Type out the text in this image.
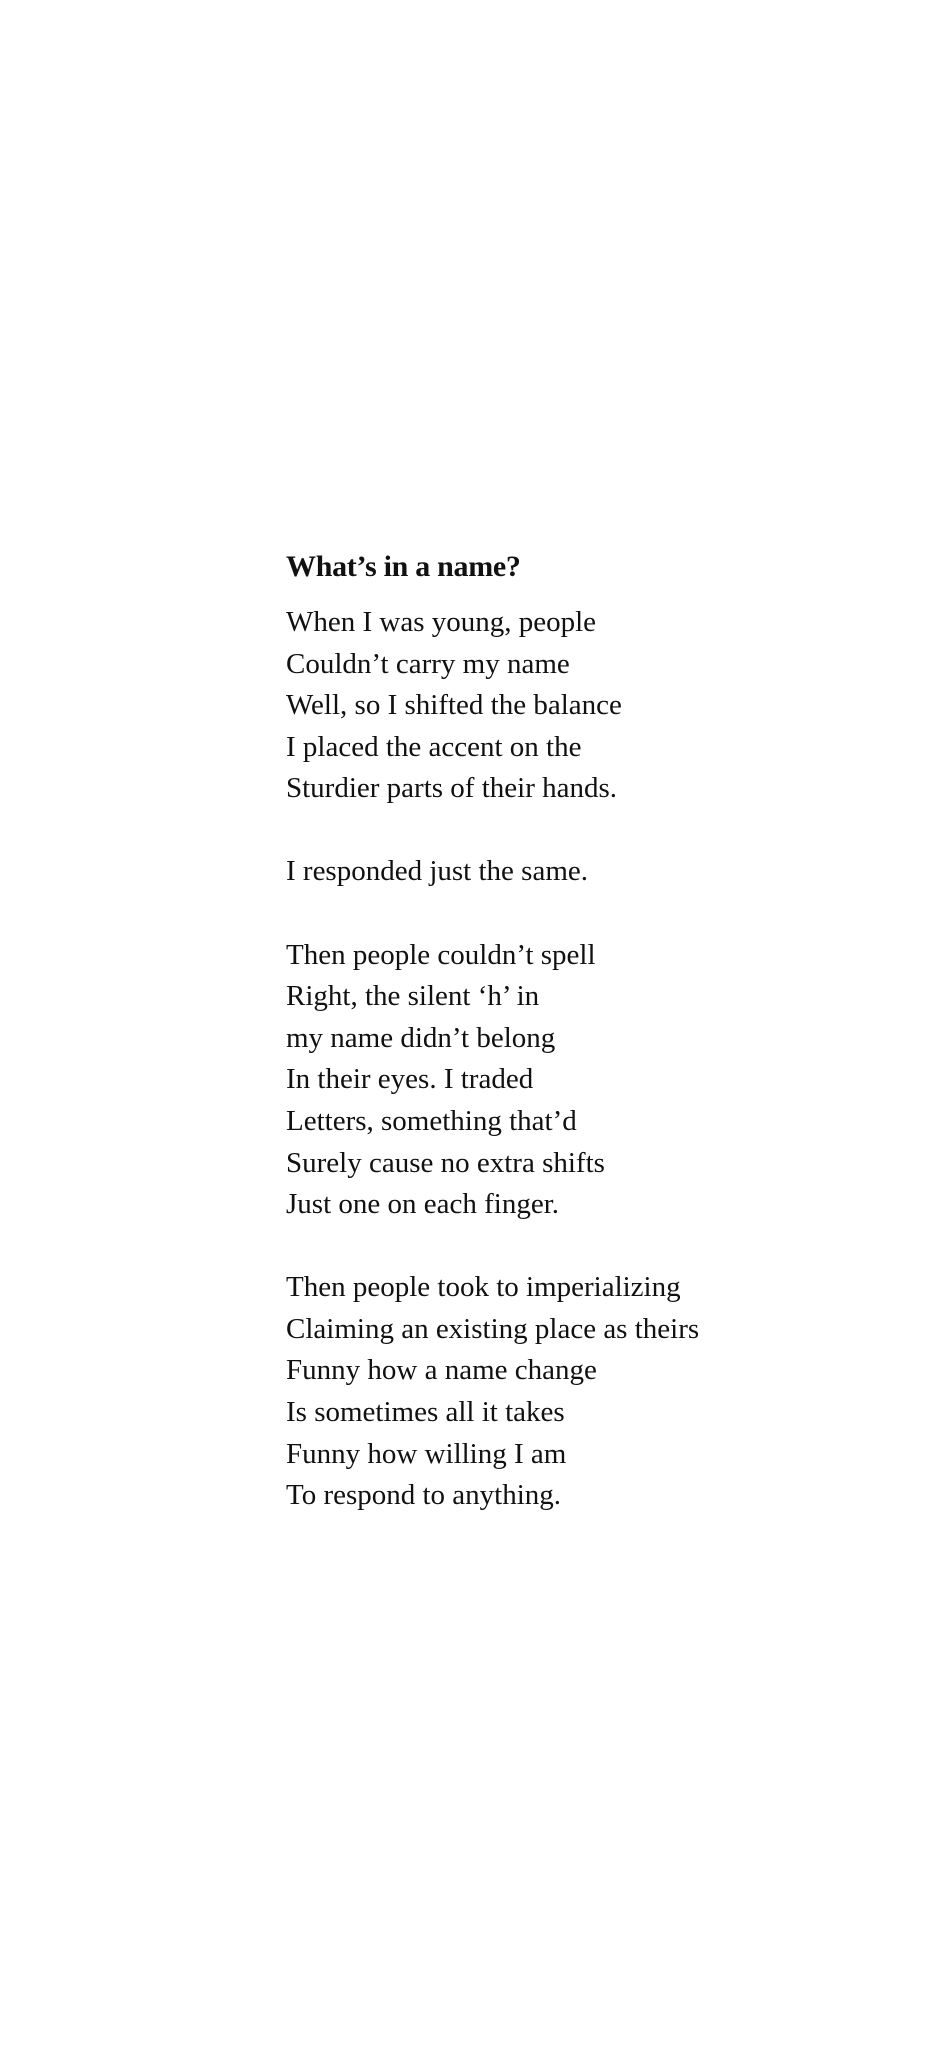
What’s in a name?
When I was young, people
Couldn’t carry my name
Well, so I shifted the balance
I placed the accent on the
Sturdier parts of their hands.
I responded just the same.
Then people couldn’t spell
Right, the silent ‘h’ in
my name didn’t belong
In their eyes. I traded
Letters, something that’d
Surely cause no extra shifts
Just one on each finger.
Then people took to imperializing
Claiming an existing place as theirs
Funny how a name change
Is sometimes all it takes
Funny how willing I am
To respond to anything.
